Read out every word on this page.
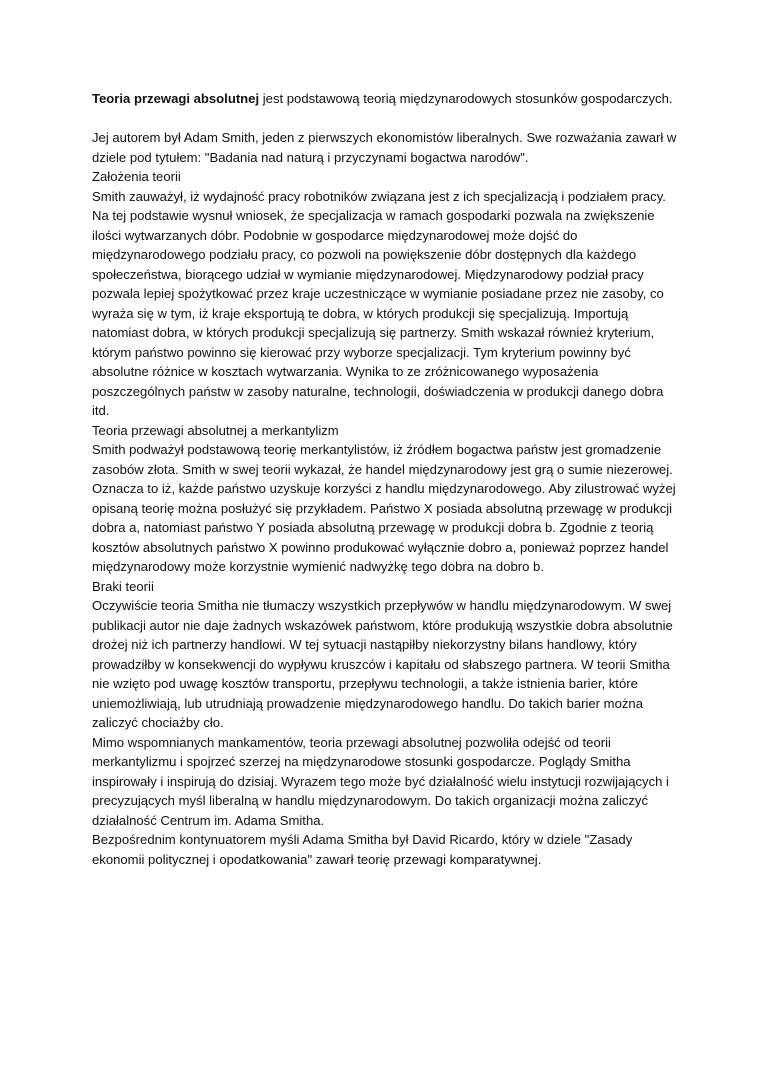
Teoria przewagi absolutnej jest podstawową teorią międzynarodowych stosunków gospodarczych.

Jej autorem był Adam Smith, jeden z pierwszych ekonomistów liberalnych. Swe rozważania zawarł w dziele pod tytułem: "Badania nad naturą i przyczynami bogactwa narodów".

Założenia teorii

Smith zauważył, iż wydajność pracy robotników związana jest z ich specjalizacją i podziałem pracy. Na tej podstawie wysnuł wniosek, że specjalizacja w ramach gospodarki pozwala na zwiększenie ilości wytwarzanych dóbr. Podobnie w gospodarce międzynarodowej może dojść do międzynarodowego podziału pracy, co pozwoli na powiększenie dóbr dostępnych dla każdego społeczeństwa, biorącego udział w wymianie międzynarodowej. Międzynarodowy podział pracy pozwala lepiej spożytkować przez kraje uczestniczące w wymianie posiadane przez nie zasoby, co wyraża się w tym, iż kraje eksportują te dobra, w których produkcji się specjalizują. Importują natomiast dobra, w których produkcji specjalizują się partnerzy. Smith wskazał również kryterium, którym państwo powinno się kierować przy wyborze specjalizacji. Tym kryterium powinny być absolutne różnice w kosztach wytwarzania. Wynika to ze zróżnicowanego wyposażenia poszczególnych państw w zasoby naturalne, technologii, doświadczenia w produkcji danego dobra itd.

Teoria przewagi absolutnej a merkantylizm

Smith podważył podstawową teorię merkantylistów, iż źródłem bogactwa państw jest gromadzenie zasobów złota. Smith w swej teorii wykazał, że handel międzynarodowy jest grą o sumie niezerowej. Oznacza to iż, każde państwo uzyskuje korzyści z handlu międzynarodowego. Aby zilustrować wyżej opisaną teorię można posłużyć się przykładem. Państwo X posiada absolutną przewagę w produkcji dobra a, natomiast państwo Y posiada absolutną przewagę w produkcji dobra b. Zgodnie z teorią kosztów absolutnych państwo X powinno produkować wyłącznie dobro a, ponieważ poprzez handel międzynarodowy może korzystnie wymienić nadwyżkę tego dobra na dobro b.

Braki teorii

Oczywiście teoria Smitha nie tłumaczy wszystkich przepływów w handlu międzynarodowym. W swej publikacji autor nie daje żadnych wskazówek państwom, które produkują wszystkie dobra absolutnie drożej niż ich partnerzy handlowi. W tej sytuacji nastąpiłby niekorzystny bilans handlowy, który prowadziłby w konsekwencji do wypływu kruszców i kapitału od słabszego partnera. W teorii Smitha nie wzięto pod uwagę kosztów transportu, przepływu technologii, a także istnienia barier, które uniemożliwiają, lub utrudniają prowadzenie międzynarodowego handlu. Do takich barier można zaliczyć chociażby cło.

Mimo wspomnianych mankamentów, teoria przewagi absolutnej pozwoliła odejść od teorii merkantylizmu i spojrzeć szerzej na międzynarodowe stosunki gospodarcze. Poglądy Smitha inspirowały i inspirują do dzisiaj. Wyrazem tego może być działalność wielu instytucji rozwijających i precyzujących myśl liberalną w handlu międzynarodowym. Do takich organizacji można zaliczyć działalność Centrum im. Adama Smitha.

Bezpośrednim kontynuatorem myśli Adama Smitha był David Ricardo, który w dziele "Zasady ekonomii politycznej i opodatkowania" zawarł teorię przewagi komparatywnej.
